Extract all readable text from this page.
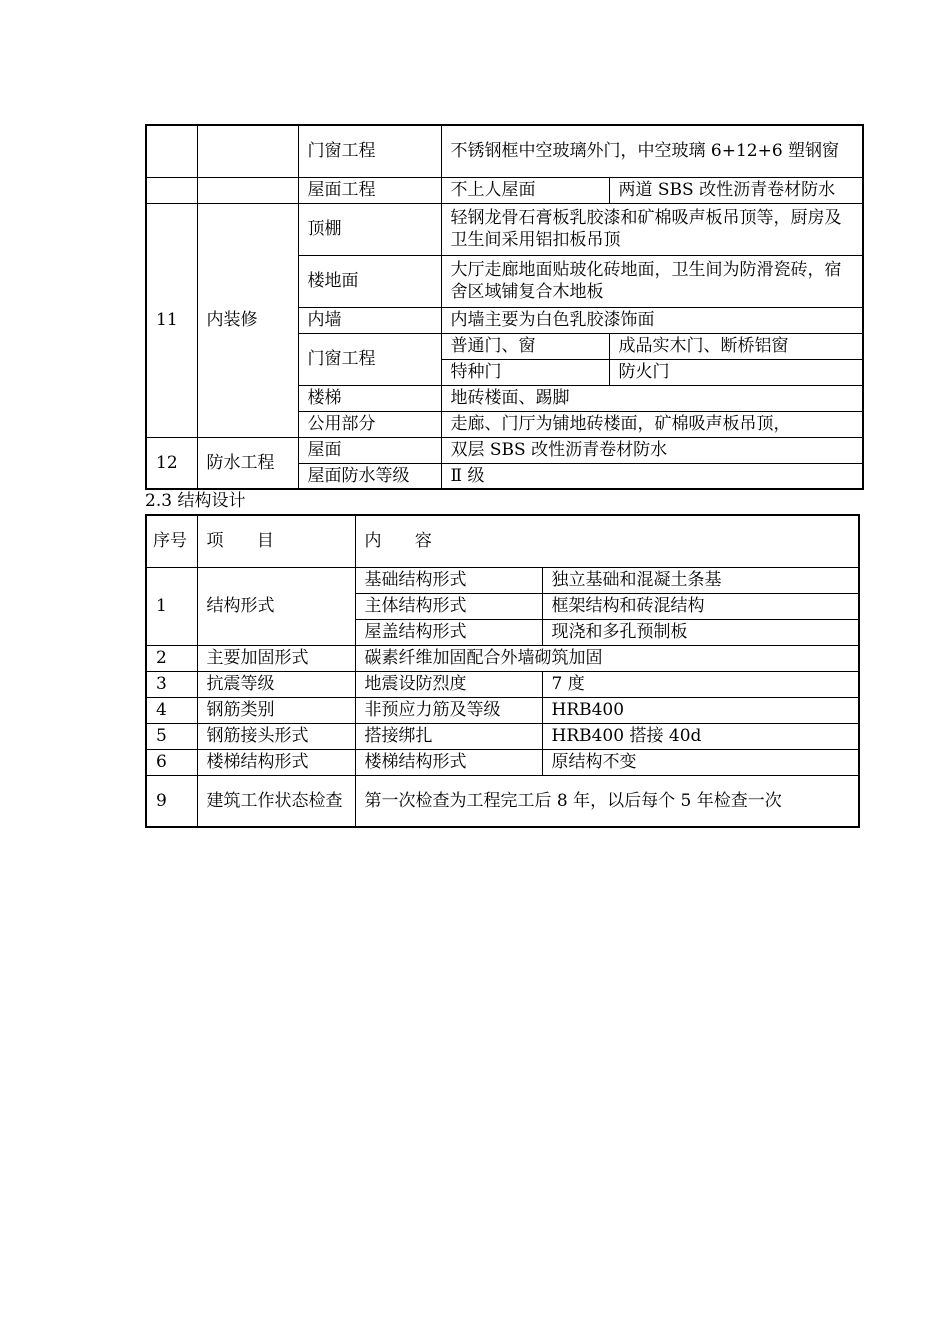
		门窗工程	不锈钢框中空玻璃外门，中空玻璃 6+12+6 塑钢窗	
		屋面工程	不上人屋面	两道 SBS 改性沥青卷材防水
11	内装修	顶棚	轻钢龙骨石膏板乳胶漆和矿棉吸声板吊顶等，厨房及卫生间采用铝扣板吊顶	
		楼地面	大厅走廊地面贴玻化砖地面，卫生间为防滑瓷砖，宿舍区域铺复合木地板	
		内墙	内墙主要为白色乳胶漆饰面	
		门窗工程	普通门、窗	成品实木门、断桥铝窗
			特种门	防火门
		楼梯	地砖楼面、踢脚	
		公用部分	走廊、门厅为铺地砖楼面，矿棉吸声板吊顶，	
12	防水工程	屋面	双层 SBS 改性沥青卷材防水	
		屋面防水等级	Ⅱ 级	
2.3 结构设计
序号	项 目	内 容	
1	结构形式	基础结构形式	独立基础和混凝土条基
		主体结构形式	框架结构和砖混结构
		屋盖结构形式	现浇和多孔预制板
2	主要加固形式	碳素纤维加固配合外墙砌筑加固	
3	抗震等级	地震设防烈度	7 度
4	钢筋类别	非预应力筋及等级	HRB400
5	钢筋接头形式	搭接绑扎	HRB400 搭接 40d
6	楼梯结构形式	楼梯结构形式	原结构不变
9	建筑工作状态检查	第一次检查为工程完工后 8 年，以后每个 5 年检查一次	
